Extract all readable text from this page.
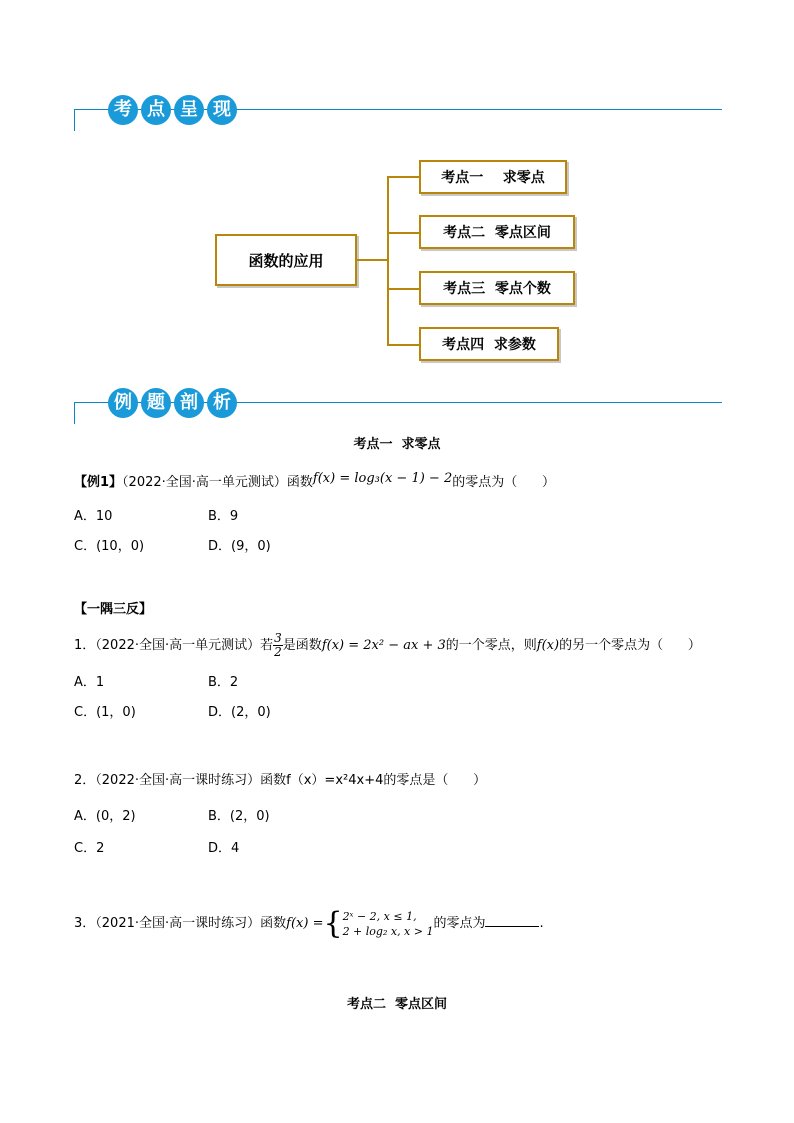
考 点 呈 现
函数的应用
考点一    求零点
考点二  零点区间
考点三  零点个数
考点四  求参数
例 题 剖 析
考点一  求零点
【例1】（2022·全国·高一单元测试）函数f(x) = log₃(x − 1) − 2的零点为（      ）
A．10	B．9
C．(10，0)	D．(9，0)
【一隅三反】
1．（2022·全国·高一单元测试）若 $\frac{3}{2}$ 是函数f(x) = 2x² − ax + 3的一个零点，则f(x)的另一个零点为（      ）
A．1	B．2
C．(1，0)	D．(2，0)
2．（2022·全国·高一课时练习）函数f（x）=x²4x+4的零点是（      ）
A．(0，2)	B．(2，0)
C．2	D．4
3．（2021·全国·高一课时练习）函数f(x) ={ 2ˣ − 2, x ≤ 1,
2 + log₂ x, x > 1 的零点为	.
考点二  零点区间
